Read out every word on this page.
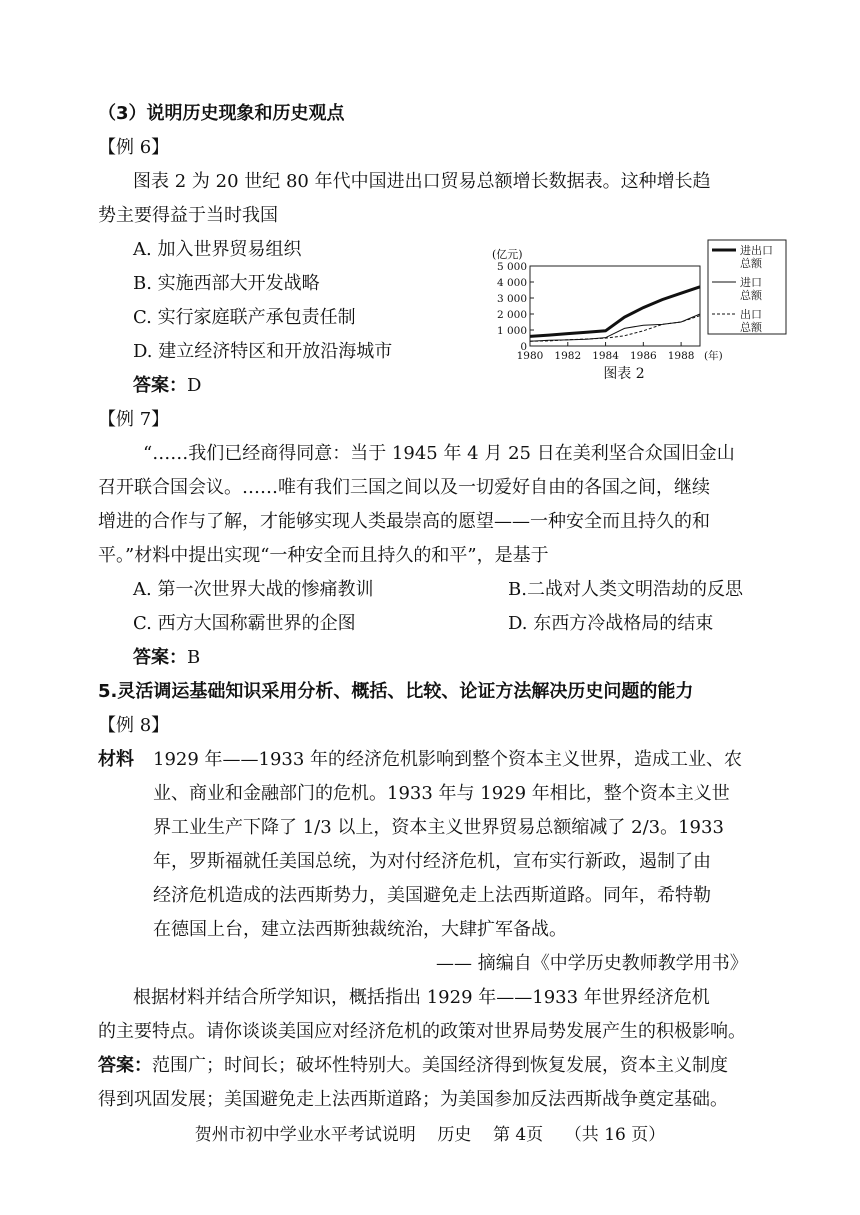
（3）说明历史现象和历史观点
【例 6】
图表 2 为 20 世纪 80 年代中国进出口贸易总额增长数据表。这种增长趋
势主要得益于当时我国
A. 加入世界贸易组织
B. 实施西部大开发战略
C. 实行家庭联产承包责任制
D. 建立经济特区和开放沿海城市
答案：D
5 000
4 000
3 000
2 000
1 000
0
1980 1982 1984 1986 1988
(亿元)
(年)
图表 2
进出口
总额
进口
总额
出口
总额
【例 7】
“……我们已经商得同意：当于 1945 年 4 月 25 日在美利坚合众国旧金山
召开联合国会议。……唯有我们三国之间以及一切爱好自由的各国之间，继续
增进的合作与了解，才能够实现人类最崇高的愿望——一种安全而且持久的和
平。”材料中提出实现“一种安全而且持久的和平”，是基于
A. 第一次世界大战的惨痛教训	B.二战对人类文明浩劫的反思
C. 西方大国称霸世界的企图	D. 东西方冷战格局的结束
答案：B
5.灵活调运基础知识采用分析、概括、比较、论证方法解决历史问题的能力
【例 8】
材料 1929 年——1933 年的经济危机影响到整个资本主义世界，造成工业、农
业、商业和金融部门的危机。1933 年与 1929 年相比，整个资本主义世
界工业生产下降了 1/3 以上，资本主义世界贸易总额缩减了 2/3。1933
年，罗斯福就任美国总统，为对付经济危机，宣布实行新政，遏制了由
经济危机造成的法西斯势力，美国避免走上法西斯道路。同年，希特勒
在德国上台，建立法西斯独裁统治，大肆扩军备战。
—— 摘编自《中学历史教师教学用书》
根据材料并结合所学知识，概括指出 1929 年——1933 年世界经济危机
的主要特点。请你谈谈美国应对经济危机的政策对世界局势发展产生的积极影响。
答案：范围广；时间长；破坏性特别大。美国经济得到恢复发展，资本主义制度
得到巩固发展；美国避免走上法西斯道路；为美国参加反法西斯战争奠定基础。
贺州市初中学业水平考试说明    历史    第 4页    （共 16 页）
